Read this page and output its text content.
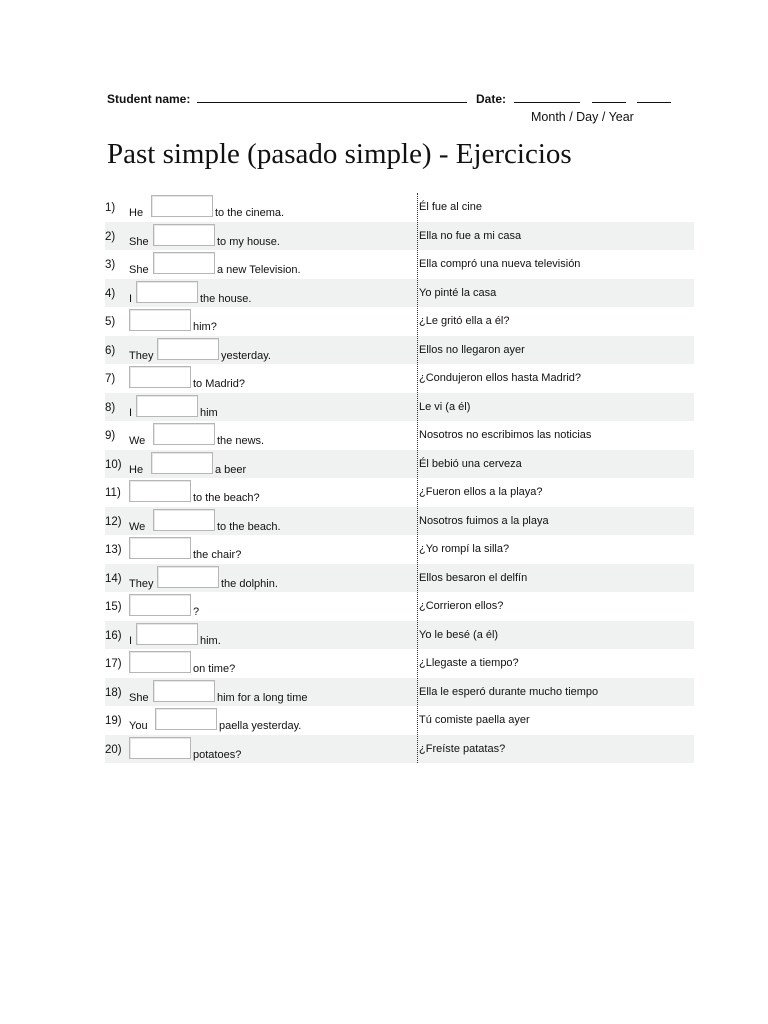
Student name:	Date:
Month / Day / Year
Past simple (pasado simple) - Ejercicios
1) He	to the cinema.	Él fue al cine
2) She	to my house.	Ella no fue a mi casa
3) She	a new Television.	Ella compró una nueva televisión
4) I	the house.	Yo pinté la casa
5)	him?	¿Le gritó ella a él?
6) They	yesterday.	Ellos no llegaron ayer
7)	to Madrid?	¿Condujeron ellos hasta Madrid?
8) I	him	Le vi (a él)
9) We	the news.	Nosotros no escribimos las noticias
10) He	a beer	Él bebió una cerveza
11)	to the beach?	¿Fueron ellos a la playa?
12) We	to the beach.	Nosotros fuimos a la playa
13)	the chair?	¿Yo rompí la silla?
14) They	the dolphin.	Ellos besaron el delfín
15)	?	¿Corrieron ellos?
16) I	him.	Yo le besé (a él)
17)	on time?	¿Llegaste a tiempo?
18) She	him for a long time	Ella le esperó durante mucho tiempo
19) You	paella yesterday.	Tú comiste paella ayer
20)	potatoes?	¿Freíste patatas?
